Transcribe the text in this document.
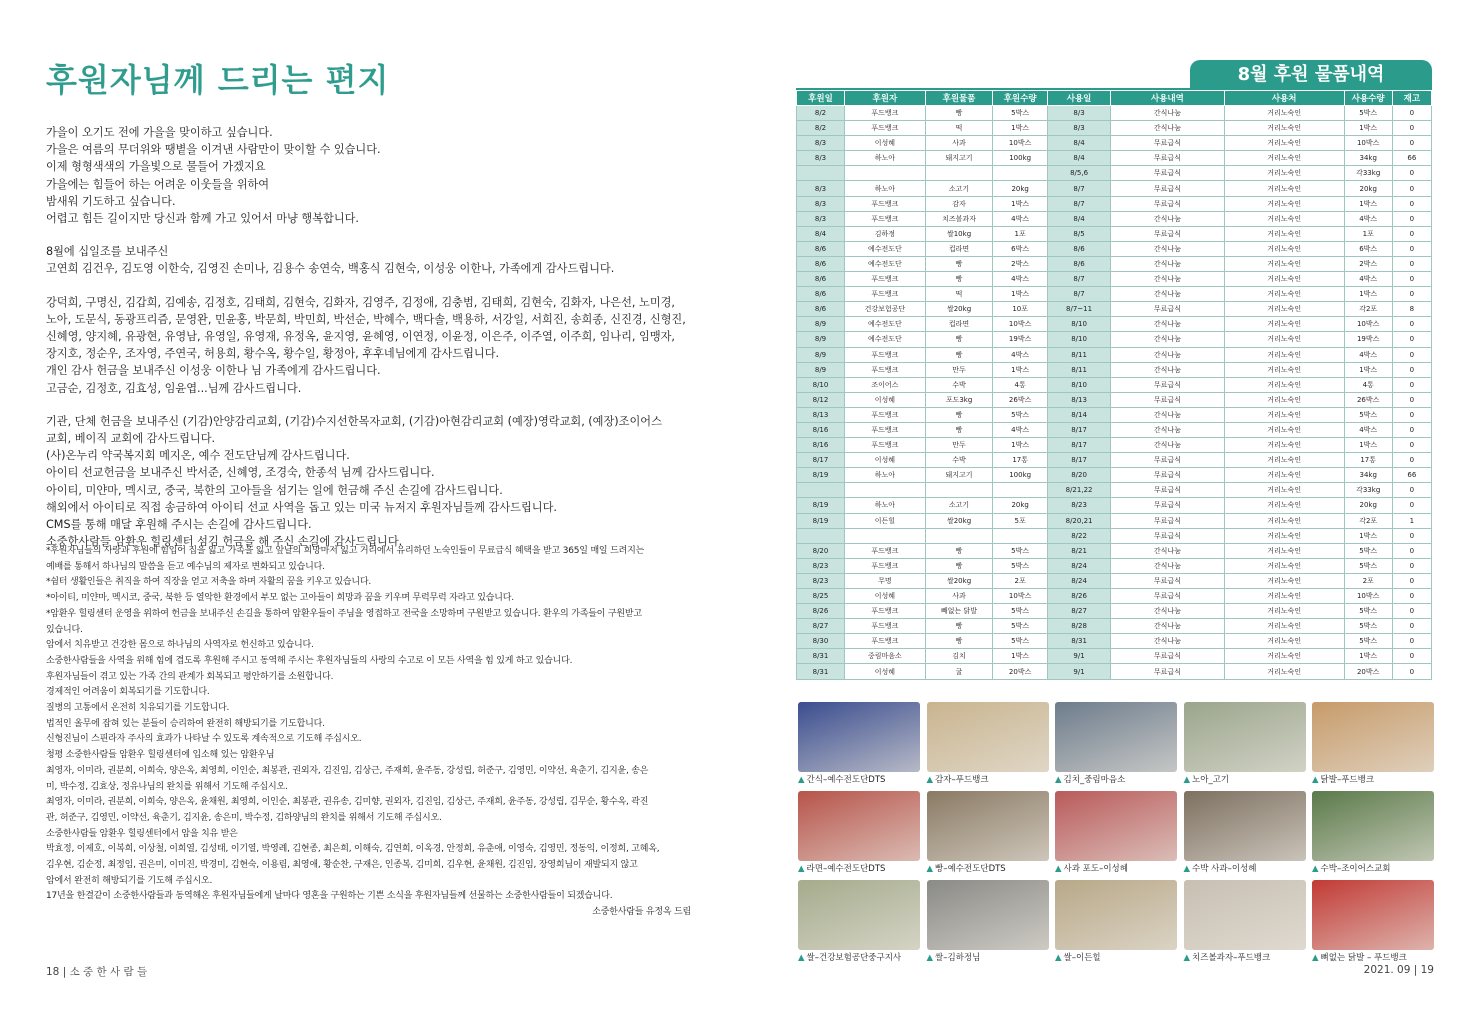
후원자님께 드리는 편지
가을이 오기도 전에 가을을 맞이하고 싶습니다.
가을은 여름의 무더위와 땡볕을 이겨낸 사람만이 맞이할 수 있습니다.
이제 형형색색의 가을빛으로 물들어 가겠지요
가을에는 힘들어 하는 어려운 이웃들을 위하여
밤새워 기도하고 싶습니다.
어렵고 힘든 길이지만 당신과 함께 가고 있어서 마냥 행복합니다.
8월에 십일조를 보내주신
고연희 김건우, 김도영 이한숙, 김영진 손미나, 김용수 송연숙, 백홍식 김현숙, 이성웅 이한나, 가족에게 감사드립니다.
강덕희, 구명신, 김갑희, 김예송, 김정호, 김태희, 김현숙, 김화자, 김영주, 김정애, 김충범, 김태희, 김현숙, 김화자, 나은선, 노미경,
노아, 도문식, 동광프리즘, 문영완, 민윤홍, 박문희, 박민희, 박선순, 박혜수, 백다솔, 백용하, 서강일, 서희진, 송희종, 신진경, 신형진,
신혜영, 양지혜, 유광현, 유영남, 유영일, 유영재, 유정옥, 윤지영, 윤혜영, 이연정, 이윤정, 이은주, 이주열, 이주희, 임나리, 임맹자,
장지호, 정순우, 조자영, 주연국, 허용희, 황수옥, 황수일, 황정아, 후후네님에게 감사드립니다.
개인 감사 헌금을 보내주신 이성웅 이한나 님 가족에게 감사드립니다.
고금순, 김정호, 김효성, 임윤엽...님께 감사드립니다.
기관, 단체 헌금을 보내주신 (기감)안양감리교회, (기감)수지선한목자교회, (기감)아현감리교회 (예장)영락교회, (예장)조이어스
교회, 베이직 교회에 감사드립니다.
(사)온누리 약국복지회 메지온, 예수 전도단님께 감사드립니다.
아이티 선교헌금을 보내주신 박서준, 신혜영, 조경숙, 한종석 님께 감사드립니다.
아이티, 미얀마, 멕시코, 중국, 북한의 고아들을 섬기는 일에 헌금해 주신 손길에 감사드립니다.
해외에서 아이티로 직접 송금하여 아이티 선교 사역을 돕고 있는 미국 뉴저지 후원자님들께 감사드립니다.
CMS를 통해 매달 후원해 주시는 손길에 감사드립니다.
소중한사람들 암환우 힐링센터 섬김 헌금을 해 주신 손길에 감사드립니다.
*후원자님들의 사랑과 후원에 힘입어 집을 잃고 가족을 잃고 앞날의 희망마저 잃고 거리에서 유리하던 노숙인들이 무료급식 혜택을 받고 365일 매일 드려지는
예배를 통해서 하나님의 말씀을 듣고 예수님의 제자로 변화되고 있습니다.
*쉼터 생활인들은 취직을 하여 직장을 얻고 저축을 하며 자활의 꿈을 키우고 있습니다.
*아이티, 미얀마, 멕시코, 중국, 북한 등 열악한 환경에서 부모 없는 고아들이 희망과 꿈을 키우며 무럭무럭 자라고 있습니다.
*암환우 힐링센터 운영을 위하여 헌금을 보내주신 손길을 통하여 암환우들이 주님을 영접하고 전국을 소망하며 구원받고 있습니다. 환우의 가족들이 구원받고
있습니다.
암에서 치유받고 건강한 몸으로 하나님의 사역자로 헌신하고 있습니다.
소중한사람들을 사역을 위해 힘에 겹도록 후원해 주시고 동역해 주시는 후원자님들의 사랑의 수고로 이 모든 사역을 힘 있게 하고 있습니다.
후원자님들이 겪고 있는 가족 간의 관계가 회복되고 평안하기를 소원합니다.
경제적인 어려움이 회복되기를 기도합니다.
질병의 고통에서 온전히 치유되기를 기도합니다.
법적인 올무에 잡혀 있는 분들이 승리하여 완전히 해방되기를 기도합니다.
신형진님이 스핀라자 주사의 효과가 나타날 수 있도록 계속적으로 기도해 주십시오.
청평 소중한사람들 암환우 힐링센터에 입소해 있는 암환우님
최영자, 이미라, 권분희, 이희숙, 양은옥, 최영희, 이인순, 최봉관, 권외자, 김진임, 김상근, 주재희, 윤주동, 강성립, 허준구, 김영민, 이약선, 육춘기, 김지윤, 송은
미, 박수정, 김효상, 정유나님의 완치를 위해서 기도해 주십시오.
최영자, 이미라, 권분희, 이희숙, 양은옥, 윤채원, 최영희, 이인순, 최봉관, 권유송, 김미향, 권외자, 김진임, 김상근, 주재희, 윤주동, 강성립, 김무순, 황수옥, 곽진
관, 허준구, 김영민, 이약선, 육춘기, 김지윤, 송은미, 박수정, 김하양님의 완치를 위해서 기도해 주십시오.
소중한사람들 암환우 힐링센터에서 암을 치유 받은
박효정, 이제호, 이복희, 이상철, 이희열, 김성태, 이기열, 박영례, 김현종, 최은희, 이해숙, 김연희, 이옥경, 안정희, 유춘애, 이영숙, 김영민, 정동익, 이정희, 고혜옥,
김우현, 김순정, 최정임, 권은미, 이미진, 박경미, 김현숙, 이용림, 최영애, 황순찬, 구재은, 인종복, 김미희, 김우현, 윤채원, 김진임, 장영희님이 재발되지 않고
암에서 완전히 해방되기를 기도해 주십시오.
17년을 한결같이 소중한사람들과 동역해온 후원자님들에게 날마다 영혼을 구원하는 기쁜 소식을 후원자님들께 선물하는 소중한사람들이 되겠습니다.
소중한사람들 유정옥 드림
18 | 소 중 한 사 람 들	2021. 09 | 19
8월 후원 물품내역
후원일	후원자	후원물품	후원수량	사용일	사용내역	사용처	사용수량	재고
8/2	푸드뱅크	빵	5박스	8/3	간식나눔	거리노숙인	5박스	0
8/2	푸드뱅크	떡	1박스	8/3	간식나눔	거리노숙인	1박스	0
8/3	이성혜	사과	10박스	8/4	무료급식	거리노숙인	10박스	0
8/3	하노아	돼지고기	100kg	8/4	무료급식	거리노숙인	34kg	66
				8/5,6	무료급식	거리노숙인	각33kg	0
8/3	하노아	소고기	20kg	8/7	무료급식	거리노숙인	20kg	0
8/3	푸드뱅크	감자	1박스	8/7	무료급식	거리노숙인	1박스	0
8/3	푸드뱅크	치즈볼과자	4박스	8/4	간식나눔	거리노숙인	4박스	0
8/4	김하정	쌀10kg	1포	8/5	무료급식	거리노숙인	1포	0
8/6	예수전도단	컵라면	6박스	8/6	간식나눔	거리노숙인	6박스	0
8/6	예수전도단	빵	2박스	8/6	간식나눔	거리노숙인	2박스	0
8/6	푸드뱅크	빵	4박스	8/7	간식나눔	거리노숙인	4박스	0
8/6	푸드뱅크	떡	1박스	8/7	간식나눔	거리노숙인	1박스	0
8/6	건강보험공단	쌀20kg	10포	8/7~11	무료급식	거리노숙인	각2포	8
8/9	예수전도단	컵라면	10박스	8/10	간식나눔	거리노숙인	10박스	0
8/9	예수전도단	빵	19박스	8/10	간식나눔	거리노숙인	19박스	0
8/9	푸드뱅크	빵	4박스	8/11	간식나눔	거리노숙인	4박스	0
8/9	푸드뱅크	만두	1박스	8/11	간식나눔	거리노숙인	1박스	0
8/10	조이어스	수박	4통	8/10	무료급식	거리노숙인	4통	0
8/12	이성혜	포도3kg	26박스	8/13	무료급식	거리노숙인	26박스	0
8/13	푸드뱅크	빵	5박스	8/14	간식나눔	거리노숙인	5박스	0
8/16	푸드뱅크	빵	4박스	8/17	간식나눔	거리노숙인	4박스	0
8/16	푸드뱅크	만두	1박스	8/17	간식나눔	거리노숙인	1박스	0
8/17	이성혜	수박	17통	8/17	무료급식	거리노숙인	17통	0
8/19	하노아	돼지고기	100kg	8/20	무료급식	거리노숙인	34kg	66
				8/21,22	무료급식	거리노숙인	각33kg	0
8/19	하노아	소고기	20kg	8/23	무료급식	거리노숙인	20kg	0
8/19	이든힐	쌀20kg	5포	8/20,21	무료급식	거리노숙인	각2포	1
				8/22	무료급식	거리노숙인	1박스	0
8/20	푸드뱅크	빵	5박스	8/21	간식나눔	거리노숙인	5박스	0
8/23	푸드뱅크	빵	5박스	8/24	간식나눔	거리노숙인	5박스	0
8/23	무명	쌀20kg	2포	8/24	무료급식	거리노숙인	2포	0
8/25	이성혜	사과	10박스	8/26	무료급식	거리노숙인	10박스	0
8/26	푸드뱅크	빼없는 닭발	5박스	8/27	간식나눔	거리노숙인	5박스	0
8/27	푸드뱅크	빵	5박스	8/28	간식나눔	거리노숙인	5박스	0
8/30	푸드뱅크	빵	5박스	8/31	간식나눔	거리노숙인	5박스	0
8/31	중림마음소	김치	1박스	9/1	무료급식	거리노숙인	1박스	0
8/31	이성혜	귤	20박스	9/1	무료급식	거리노숙인	20박스	0
▲ 간식–예수전도단DTS	▲ 감자–푸드뱅크	▲ 김치_중림마음소	▲ 노아_고기	▲ 닭발–푸드뱅크
▲ 라면–예수전도단DTS	▲ 빵–예수전도단DTS	▲ 사과 포도–이성혜	▲ 수박 사과–이성혜	▲ 수박–조이어스교회
▲ 쌀–건강보험공단중구지사	▲ 쌀–김하정님	▲ 쌀–이든힐	▲ 치즈볼과자–푸드뱅크	▲ 뼈없는 닭발 – 푸드뱅크
